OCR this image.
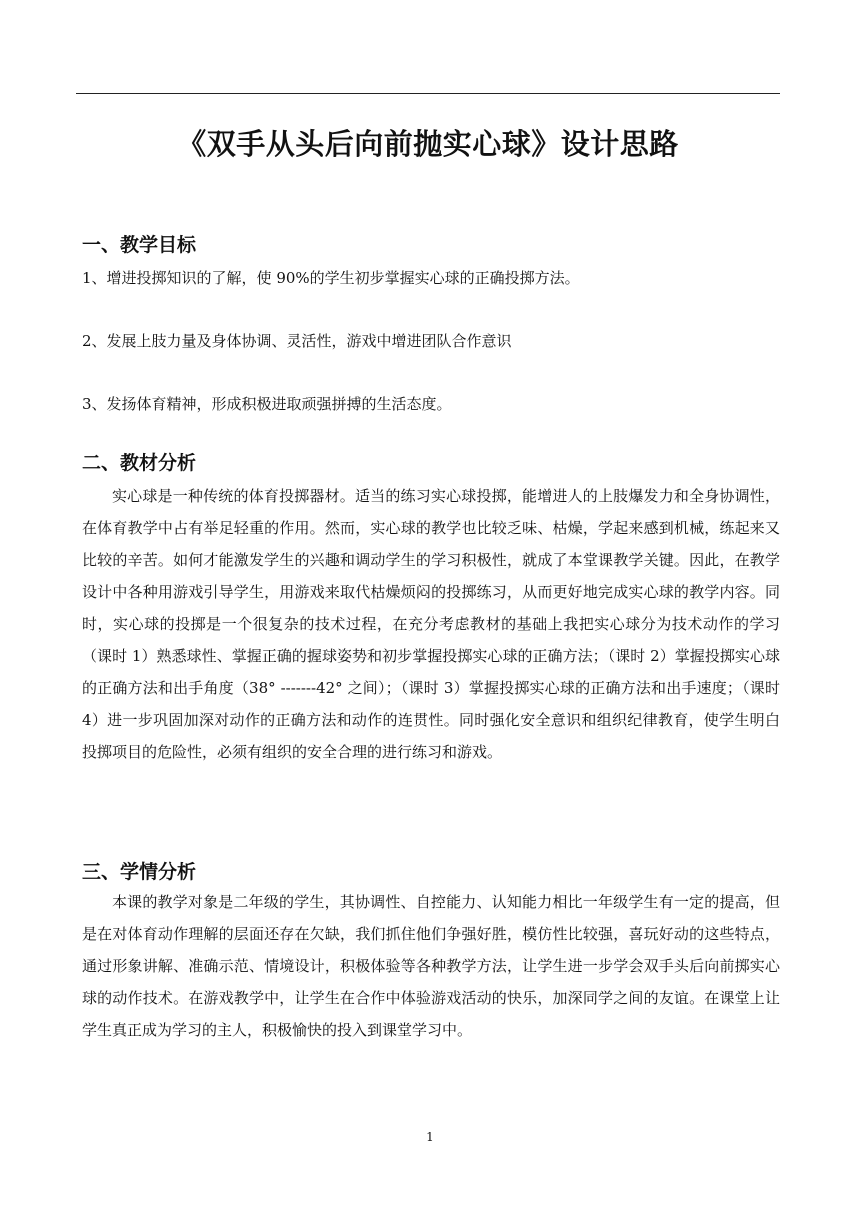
《双手从头后向前抛实心球》设计思路
一、教学目标

1、增进投掷知识的了解，使 90%的学生初步掌握实心球的正确投掷方法。

2、发展上肢力量及身体协调、灵活性，游戏中增进团队合作意识

3、发扬体育精神，形成积极进取顽强拼搏的生活态度。

二、教材分析

实心球是一种传统的体育投掷器材。适当的练习实心球投掷，能增进人的上肢爆发力和全身协调性，在体育教学中占有举足轻重的作用。然而，实心球的教学也比较乏味、枯燥，学起来感到机械，练起来又比较的辛苦。如何才能激发学生的兴趣和调动学生的学习积极性，就成了本堂课教学关键。因此，在教学设计中各种用游戏引导学生，用游戏来取代枯燥烦闷的投掷练习，从而更好地完成实心球的教学内容。同时，实心球的投掷是一个很复杂的技术过程，在充分考虑教材的基础上我把实心球分为技术动作的学习（课时 1）熟悉球性、掌握正确的握球姿势和初步掌握投掷实心球的正确方法；（课时 2）掌握投掷实心球的正确方法和出手角度（38° -------42° 之间）；（课时 3）掌握投掷实心球的正确方法和出手速度；（课时 4）进一步巩固加深对动作的正确方法和动作的连贯性。同时强化安全意识和组织纪律教育，使学生明白投掷项目的危险性，必须有组织的安全合理的进行练习和游戏。

三、学情分析

本课的教学对象是二年级的学生，其协调性、自控能力、认知能力相比一年级学生有一定的提高，但是在对体育动作理解的层面还存在欠缺，我们抓住他们争强好胜，模仿性比较强，喜玩好动的这些特点，通过形象讲解、准确示范、情境设计，积极体验等各种教学方法，让学生进一步学会双手头后向前掷实心球的动作技术。在游戏教学中，让学生在合作中体验游戏活动的快乐，加深同学之间的友谊。在课堂上让学生真正成为学习的主人，积极愉快的投入到课堂学习中。

1
